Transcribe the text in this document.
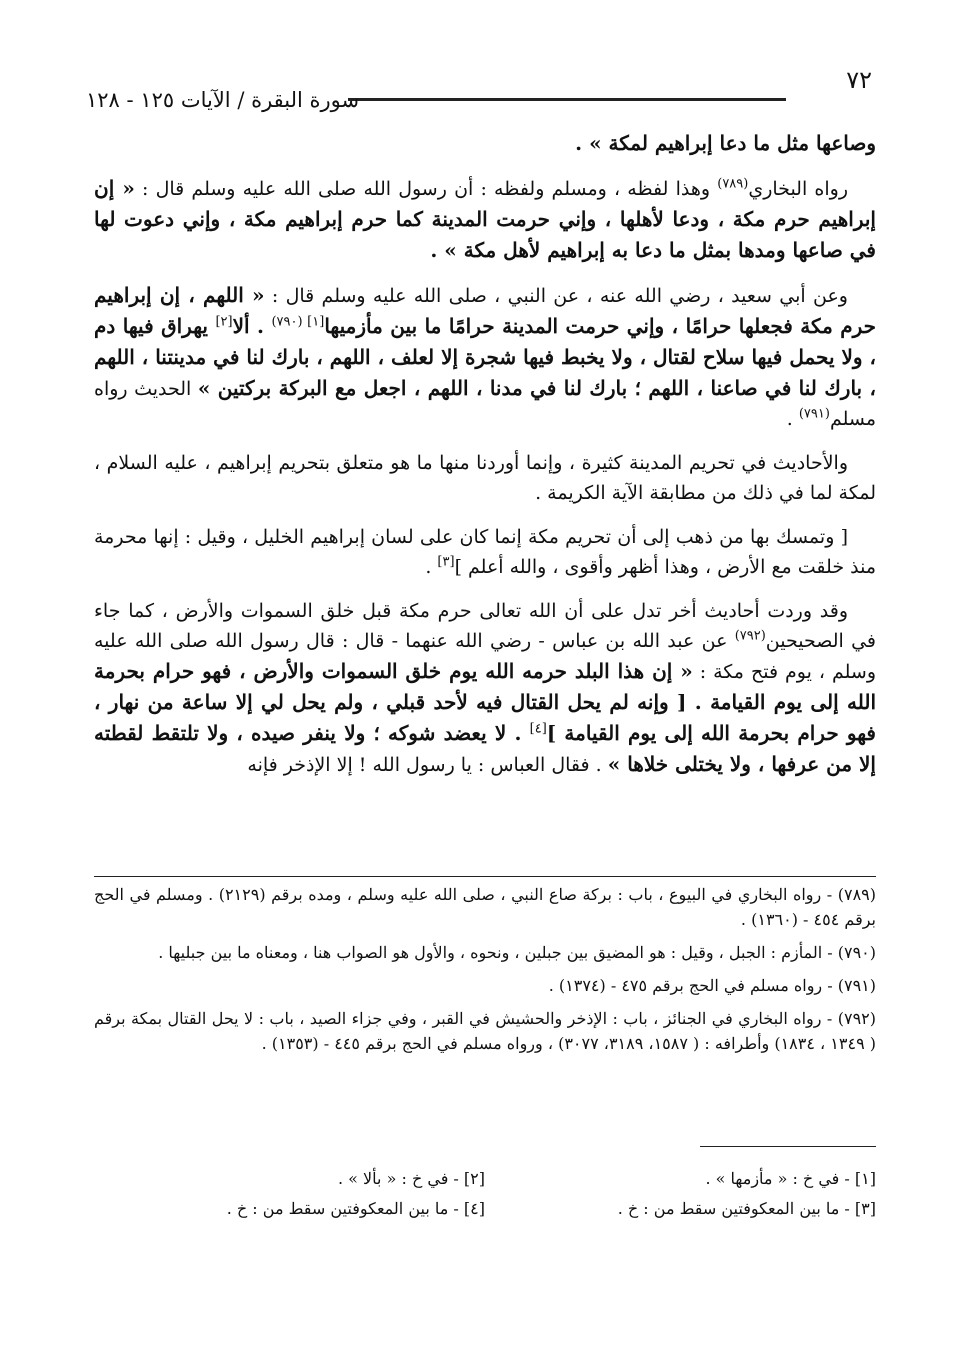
٧٢
سورة البقرة / الآيات ١٢٥ - ١٢٨

وصاعها مثل ما دعا إبراهيم لمكة » .

رواه البخاري$^{(٧٨٩)}$ وهذا لفظه ، ومسلم ولفظه : أن رسول الله صلى الله عليه وسلم قال : « إن إبراهيم حرم مكة ، ودعا لأهلها ، وإني حرمت المدينة كما حرم إبراهيم مكة ، وإني دعوت لها في صاعها ومدها بمثل ما دعا به إبراهيم لأهل مكة » .

وعن أبي سعيد ، رضي الله عنه ، عن النبي ، صلى الله عليه وسلم قال : « اللهم ، إن إبراهيم حرم مكة فجعلها حرامًا ، وإني حرمت المدينة حرامًا ما بين مأزميها$^{[١] (٧٩٠)}$ . ألا[٢] يهراق فيها دم ، ولا يحمل فيها سلاح لقتال ، ولا يخبط فيها شجرة إلا لعلف ، اللهم ، بارك لنا في مدينتنا ، اللهم ، بارك لنا في صاعنا ، اللهم ؛ بارك لنا في مدنا ، اللهم ، اجعل مع البركة بركتين » الحديث رواه مسلم$^{(٧٩١)}$ .

والأحاديث في تحريم المدينة كثيرة ، وإنما أوردنا منها ما هو متعلق بتحريم إبراهيم ، عليه السلام ، لمكة لما في ذلك من مطابقة الآية الكريمة .

[ وتمسك بها من ذهب إلى أن تحريم مكة إنما كان على لسان إبراهيم الخليل ، وقيل : إنها محرمة منذ خلقت مع الأرض ، وهذا أظهر وأقوى ، والله أعلم ][٣] .

وقد وردت أحاديث أخر تدل على أن الله تعالى حرم مكة قبل خلق السموات والأرض ، كما جاء في الصحيحين$^{(٧٩٢)}$ عن عبد الله بن عباس - رضي الله عنهما - قال : قال رسول الله صلى الله عليه وسلم ، يوم فتح مكة : « إن هذا البلد حرمه الله يوم خلق السموات والأرض ، فهو حرام بحرمة الله إلى يوم القيامة . [ وإنه لم يحل القتال فيه لأحد قبلي ، ولم يحل لي إلا ساعة من نهار ، فهو حرام بحرمة الله إلى يوم القيامة ][٤] . لا يعضد شوكه ؛ ولا ينفر صيده ، ولا تلتقط لقطته إلا من عرفها ، ولا يختلى خلاها » . فقال العباس : يا رسول الله ! إلا الإذخر فإنه

(٧٨٩) - رواه البخاري في البيوع ، باب : بركة صاع النبي ، صلى الله عليه وسلم ، ومده برقم (٢١٢٩) . ومسلم في الحج برقم ٤٥٤ - (١٣٦٠) .

(٧٩٠) - المأزم : الجبل ، وقيل : هو المضيق بين جبلين ، ونحوه ، والأول هو الصواب هنا ، ومعناه ما بين جبليها .

(٧٩١) - رواه مسلم في الحج برقم ٤٧٥ - (١٣٧٤) .

(٧٩٢) - رواه البخاري في الجنائز ، باب : الإذخر والحشيش في القبر ، وفي جزاء الصيد ، باب : لا يحل القتال بمكة برقم ( ١٣٤٩ ، ١٨٣٤) وأطرافه : ( ١٥٨٧، ٣١٨٩، ٣٠٧٧) ، ورواه مسلم في الحج برقم ٤٤٥ - (١٣٥٣) .

[١] - في خ : « مأزمها » .
[٢] - في خ : « بألا » .
[٣] - ما بين المعكوفتين سقط من : خ .
[٤] - ما بين المعكوفتين سقط من : خ .
